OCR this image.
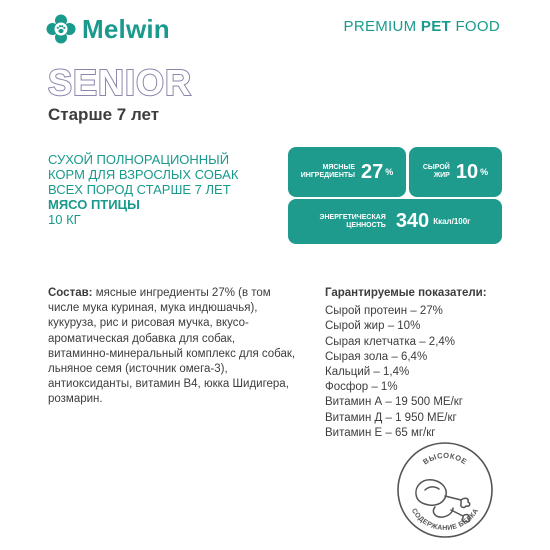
Melwin	PREMIUM PET FOOD
SENIOR
Старше 7 лет
СУХОЙ ПОЛНОРАЦИОННЫЙ
КОРМ ДЛЯ ВЗРОСЛЫХ СОБАК
ВСЕХ ПОРОД СТАРШЕ 7 ЛЕТ
МЯСО ПТИЦЫ
10 КГ
МЯСНЫЕ
ИНГРЕДИЕНТЫ 27 %	СЫРОЙ
ЖИР 10 %
ЭНЕРГЕТИЧЕСКАЯ
ЦЕННОСТЬ 340 Ккал/100г
Состав: мясные ингредиенты 27% (в том числе мука куриная, мука индюшачья), кукуруза, рис и рисовая мучка, вкусо-ароматическая добавка для собак, витаминно-минеральный комплекс для собак, льняное семя (источник омега-3), антиоксиданты, витамин В4, юкка Шидигера, розмарин.
Гарантируемые показатели:
Сырой протеин – 27%
Сырой жир – 10%
Сырая клетчатка – 2,4%
Сырая зола – 6,4%
Кальций – 1,4%
Фосфор – 1%
Витамин А – 19 500 МЕ/кг
Витамин Д – 1 950 МЕ/кг
Витамин Е – 65 мг/кг
ВЫСОКОЕ
СОДЕРЖАНИЕ БЕЛКА
